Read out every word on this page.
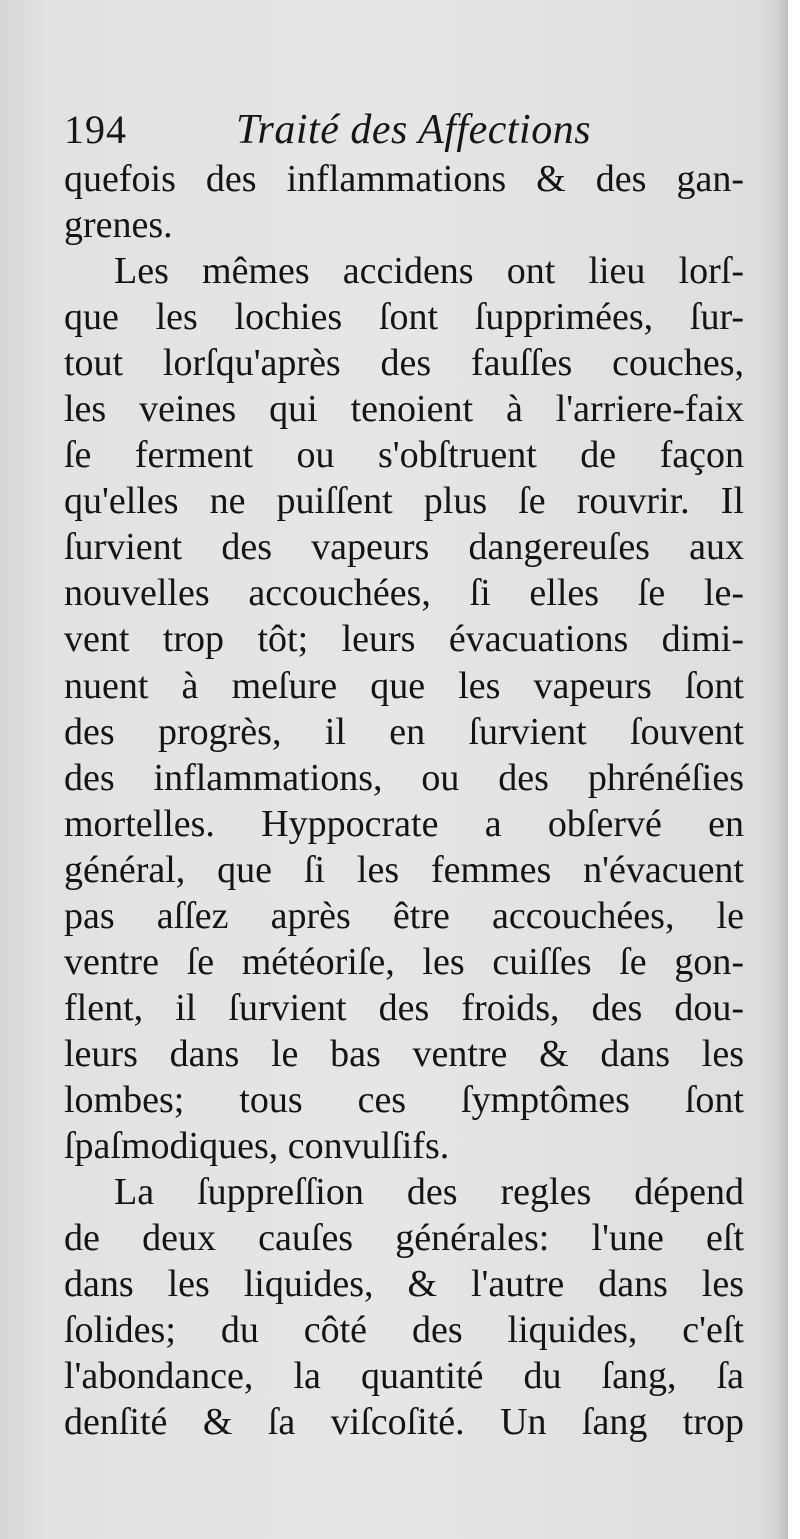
194	Traité des Affections
quefois des inflammations & des gan-
grenes.
Les mêmes accidens ont lieu lorſ-
que les lochies ſont ſupprimées, ſur-
tout lorſqu'après des fauſſes couches,
les veines qui tenoient à l'arriere-faix
ſe ferment ou s'obſtruent de façon
qu'elles ne puiſſent plus ſe rouvrir. Il
ſurvient des vapeurs dangereuſes aux
nouvelles accouchées, ſi elles ſe le-
vent trop tôt; leurs évacuations dimi-
nuent à meſure que les vapeurs ſont
des progrès, il en ſurvient ſouvent
des inflammations, ou des phrénéſies
mortelles. Hyppocrate a obſervé en
général, que ſi les femmes n'évacuent
pas aſſez après être accouchées, le
ventre ſe météoriſe, les cuiſſes ſe gon-
flent, il ſurvient des froids, des dou-
leurs dans le bas ventre & dans les
lombes; tous ces ſymptômes ſont
ſpaſmodiques, convulſifs.
La ſuppreſſion des regles dépend
de deux cauſes générales: l'une eſt
dans les liquides, & l'autre dans les
ſolides; du côté des liquides, c'eſt
l'abondance, la quantité du ſang, ſa
denſité & ſa viſcoſité. Un ſang trop
